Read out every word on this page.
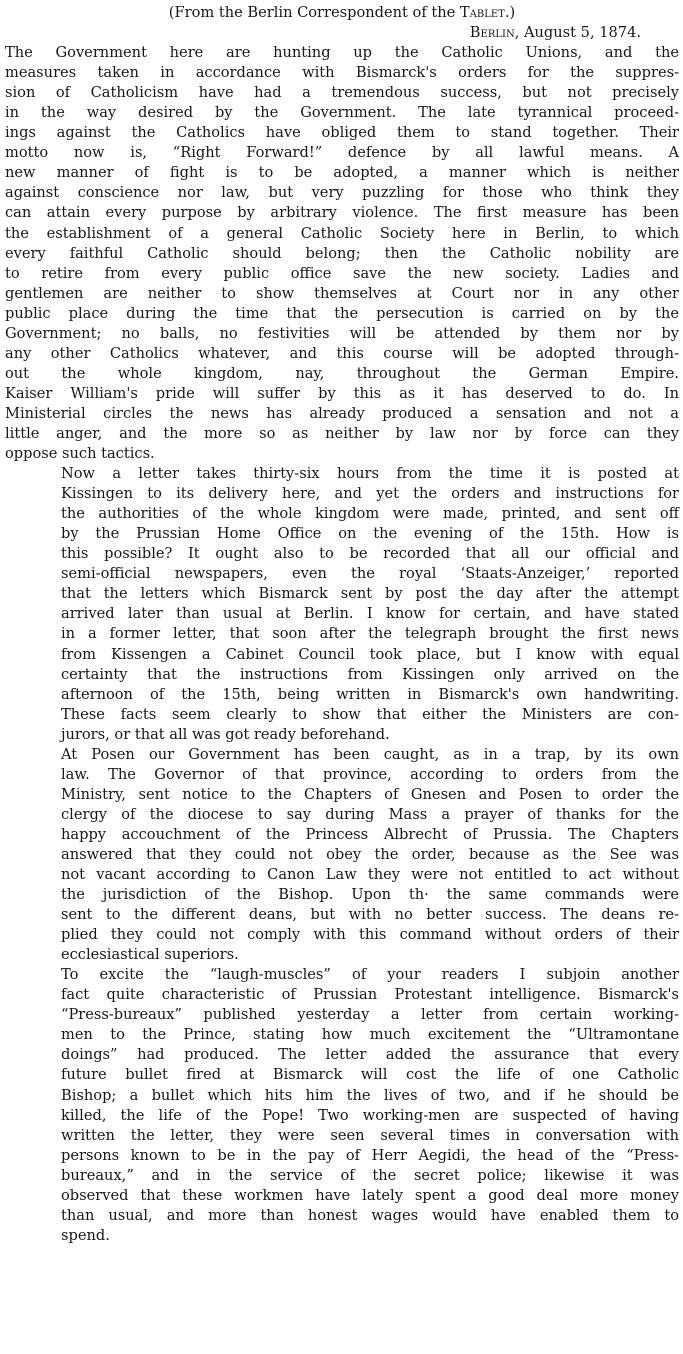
(From the Berlin Correspondent of the Tablet.)

Berlin, August 5, 1874.

The Government here are hunting up the Catholic Unions, and the
measures taken in accordance with Bismarck's orders for the suppres-
sion of Catholicism have had a tremendous success, but not precisely
in the way desired by the Government. The late tyrannical proceed-
ings against the Catholics have obliged them to stand together. Their
motto now is, “Right Forward!” defence by all lawful means. A
new manner of fight is to be adopted, a manner which is neither
against conscience nor law, but very puzzling for those who think they
can attain every purpose by arbitrary violence. The first measure has been
the establishment of a general Catholic Society here in Berlin, to which
every faithful Catholic should belong; then the Catholic nobility are
to retire from every public office save the new society. Ladies and
gentlemen are neither to show themselves at Court nor in any other
public place during the time that the persecution is carried on by the
Government; no balls, no festivities will be attended by them nor by
any other Catholics whatever, and this course will be adopted through-
out the whole kingdom, nay, throughout the German Empire.
Kaiser William's pride will suffer by this as it has deserved to do. In
Ministerial circles the news has already produced a sensation and not a
little anger, and the more so as neither by law nor by force can they
oppose such tactics.

Now a letter takes thirty-six hours from the time it is posted at
Kissingen to its delivery here, and yet the orders and instructions for
the authorities of the whole kingdom were made, printed, and sent off
by the Prussian Home Office on the evening of the 15th. How is
this possible? It ought also to be recorded that all our official and
semi-official newspapers, even the royal ‘Staats-Anzeiger,’ reported
that the letters which Bismarck sent by post the day after the attempt
arrived later than usual at Berlin. I know for certain, and have stated
in a former letter, that soon after the telegraph brought the first news
from Kissengen a Cabinet Council took place, but I know with equal
certainty that the instructions from Kissingen only arrived on the
afternoon of the 15th, being written in Bismarck's own handwriting.
These facts seem clearly to show that either the Ministers are con-
jurors, or that all was got ready beforehand.

At Posen our Government has been caught, as in a trap, by its own
law. The Governor of that province, according to orders from the
Ministry, sent notice to the Chapters of Gnesen and Posen to order the
clergy of the diocese to say during Mass a prayer of thanks for the
happy accouchment of the Princess Albrecht of Prussia. The Chapters
answered that they could not obey the order, because as the See was
not vacant according to Canon Law they were not entitled to act without
the jurisdiction of the Bishop. Upon th· the same commands were
sent to the different deans, but with no better success. The deans re-
plied they could not comply with this command without orders of their
ecclesiastical superiors.

To excite the “laugh-muscles” of your readers I subjoin another
fact quite characteristic of Prussian Protestant intelligence. Bismarck's
“Press-bureaux” published yesterday a letter from certain working-
men to the Prince, stating how much excitement the “Ultramontane
doings” had produced. The letter added the assurance that every
future bullet fired at Bismarck will cost the life of one Catholic
Bishop; a bullet which hits him the lives of two, and if he should be
killed, the life of the Pope! Two working-men are suspected of having
written the letter, they were seen several times in conversation with
persons known to be in the pay of Herr Aegidi, the head of the “Press-
bureaux,” and in the service of the secret police; likewise it was
observed that these workmen have lately spent a good deal more money
than usual, and more than honest wages would have enabled them to
spend.
